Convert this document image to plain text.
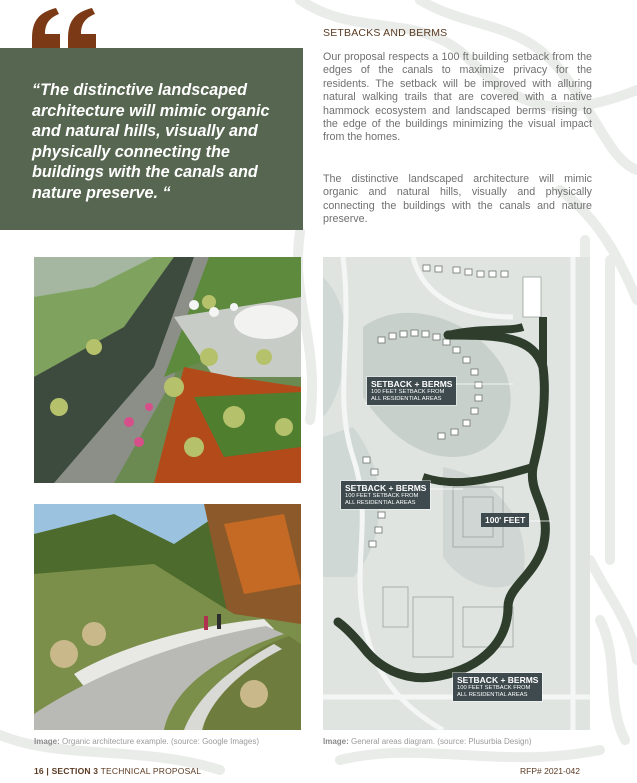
“The distinctive landscaped architecture will mimic organic and natural hills, visually and physically connecting the buildings with the canals and nature preserve. “

SETBACKS AND BERMS

Our proposal respects a 100 ft building setback from the edges of the canals to maximize privacy for the residents. The setback will be improved with alluring natural walking trails that are covered with a native hammock ecosystem and landscaped berms rising to the edge of the buildings minimizing the visual impact from the homes.

The distinctive landscaped architecture will mimic organic and natural hills, visually and physically connecting the buildings with the canals and nature preserve.

SETBACK + BERMS
100 FEET SETBACK FROM
ALL RESIDENTIAL AREAS
SETBACK + BERMS
100 FEET SETBACK FROM
ALL RESIDENTIAL AREAS
SETBACK + BERMS
100 FEET SETBACK FROM
ALL RESIDENTIAL AREAS
100' FEET
Image: Organic architecture example. (source: Google Images)	Image: General areas diagram. (source: Plusurbia Design)
16 | SECTION 3 TECHNICAL PROPOSAL	RFP# 2021-042
